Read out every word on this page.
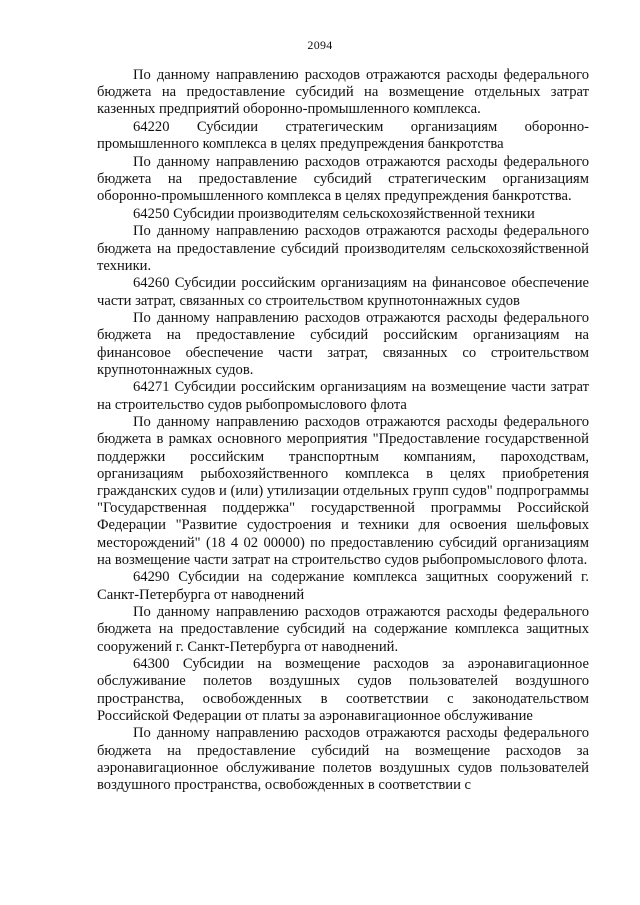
2094

По данному направлению расходов отражаются расходы федерального бюджета на предоставление субсидий на возмещение отдельных затрат казенных предприятий оборонно-промышленного комплекса.

64220 Субсидии стратегическим организациям оборонно-промышленного комплекса в целях предупреждения банкротства

По данному направлению расходов отражаются расходы федерального бюджета на предоставление субсидий стратегическим организациям оборонно-промышленного комплекса в целях предупреждения банкротства.

64250 Субсидии производителям сельскохозяйственной техники

По данному направлению расходов отражаются расходы федерального бюджета на предоставление субсидий производителям сельскохозяйственной техники.

64260 Субсидии российским организациям на финансовое обеспечение части затрат, связанных со строительством крупнотоннажных судов

По данному направлению расходов отражаются расходы федерального бюджета на предоставление субсидий российским организациям на финансовое обеспечение части затрат, связанных со строительством крупнотоннажных судов.

64271 Субсидии российским организациям на возмещение части затрат на строительство судов рыбопромыслового флота

По данному направлению расходов отражаются расходы федерального бюджета в рамках основного мероприятия "Предоставление государственной поддержки российским транспортным компаниям, пароходствам, организациям рыбохозяйственного комплекса в целях приобретения гражданских судов и (или) утилизации отдельных групп судов" подпрограммы "Государственная поддержка" государственной программы Российской Федерации "Развитие судостроения и техники для освоения шельфовых месторождений" (18 4 02 00000) по предоставлению субсидий организациям на возмещение части затрат на строительство судов рыбопромыслового флота.

64290 Субсидии на содержание комплекса защитных сооружений г. Санкт-Петербурга от наводнений

По данному направлению расходов отражаются расходы федерального бюджета на предоставление субсидий на содержание комплекса защитных сооружений г. Санкт-Петербурга от наводнений.

64300 Субсидии на возмещение расходов за аэронавигационное обслуживание полетов воздушных судов пользователей воздушного пространства, освобожденных в соответствии с законодательством Российской Федерации от платы за аэронавигационное обслуживание

По данному направлению расходов отражаются расходы федерального бюджета на предоставление субсидий на возмещение расходов за аэронавигационное обслуживание полетов воздушных судов пользователей воздушного пространства, освобожденных в соответствии с
